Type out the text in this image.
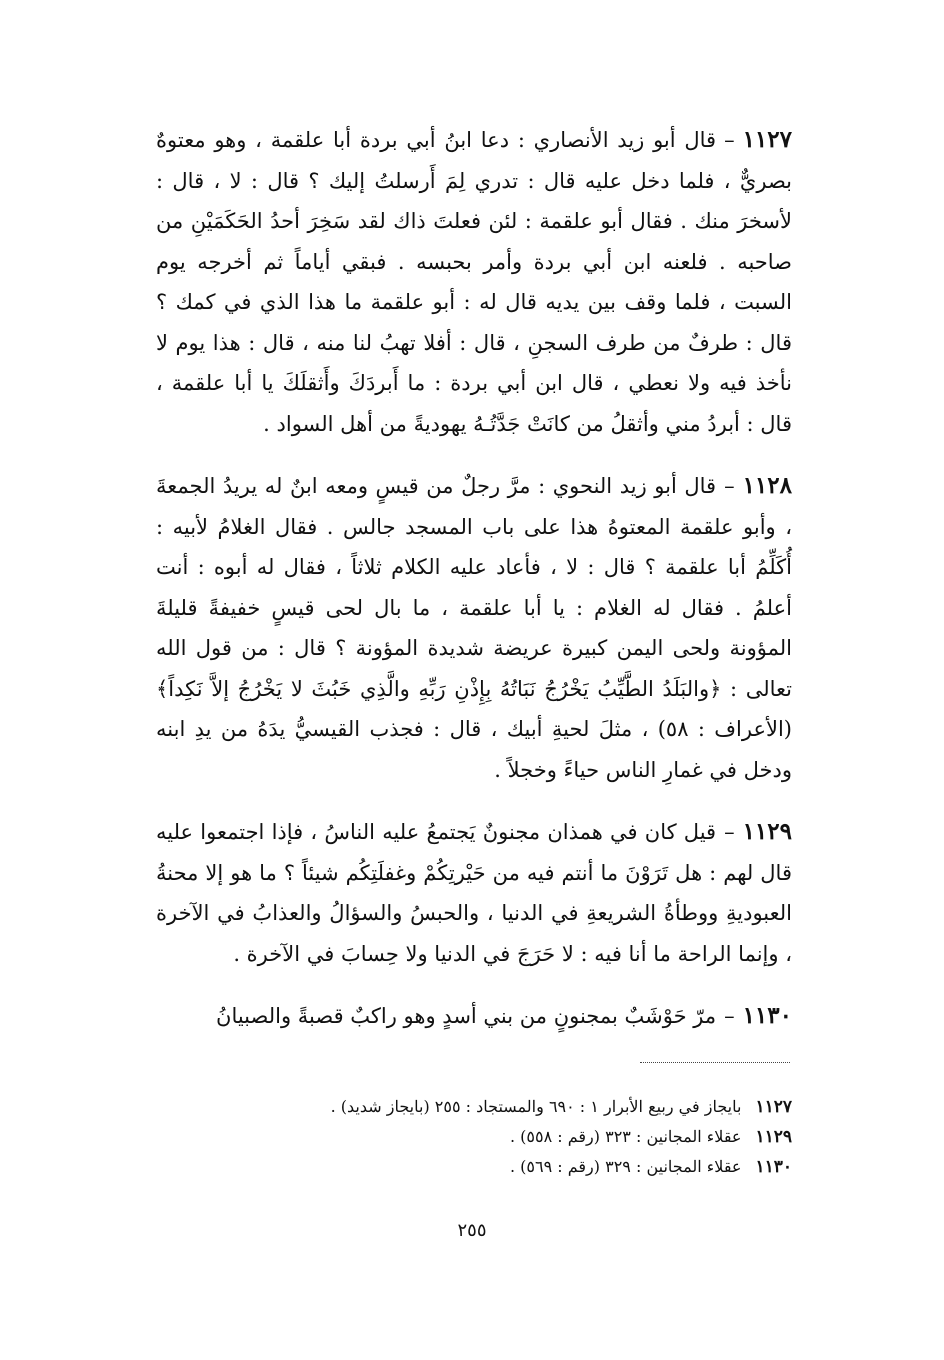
١١٢٧–قال أبو زيد الأنصاري : دعا ابنُ أبي بردة أبا علقمة ، وهو معتوهٌ بصريٌّ ، فلما دخل عليه قال : تدري لِمَ أَرسلتُ إليك ؟ قال : لا ، قال : لأسخرَ منك . فقال أبو علقمة : لئن فعلتَ ذاك لقد سَخِرَ أحدُ الحَكَمَيْنِ من صاحبه . فلعنه ابن أبي بردة وأمر بحبسه . فبقي أياماً ثم أخرجه يوم السبت ، فلما وقف بين يديه قال له : أبو علقمة ما هذا الذي في كمك ؟ قال : طرفٌ من طرف السجنِ ، قال : أفلا تهبُ لنا منه ، قال : هذا يوم لا نأخذ فيه ولا نعطي ، قال ابن أبي بردة : ما أَبردَكَ وأَثقلَكَ يا أبا علقمة ، قال : أبردُ مني وأثقلُ من كانَتْ جَدَّتُـهُ يهوديةً من أهل السواد .

١١٢٨–قال أبو زيد النحوي : مرَّ رجلٌ من قيسٍ ومعه ابنٌ له يريدُ الجمعةَ ، وأبو علقمة المعتوهُ هذا على باب المسجد جالس . فقال الغلامُ لأبيه : أُكَلِّمُ أبا علقمة ؟ قال : لا ، فأعاد عليه الكلام ثلاثاً ، فقال له أبوه : أنت أعلمُ . فقال له الغلام : يا أبا علقمة ، ما بال لحى قيسٍ خفيفةً قليلةَ المؤونة ولحى اليمن كبيرة عريضة شديدة المؤونة ؟ قال : من قول الله تعالى : ﴿والبَلَدُ الطَّيِّبُ يَخْرُجُ نَبَاتُهُ بِإِذْنِ رَبِّهِ والَّذِي خَبُثَ لا يَخْرُجُ إلاَّ نَكِداً﴾ (الأعراف : ٥٨) ، مثلَ لحيةِ أبيك ، قال : فجذب القيسيُّ يدَهُ من يدِ ابنه ودخل في غمارِ الناس حياءً وخجلاً .

١١٢٩–قيل كان في همذان مجنونٌ يَجتمعُ عليه الناسُ ، فإذا اجتمعوا عليه قال لهم : هل تَرَوْنَ ما أنتم فيه من حَيْرتِكُمْ وغفلَتِكُم شيئاً ؟ ما هو إلا محنةُ العبوديةِ ووطأةُ الشريعةِ في الدنيا ، والحبسُ والسؤالُ والعذابُ في الآخرة ، وإنما الراحة ما أنا فيه : لا حَرَجَ في الدنيا ولا حِسابَ في الآخرة .

١١٣٠–مرّ حَوْشَبٌ بمجنونٍ من بني أسدٍ وهو راكبٌ قصبةً والصبيانُ

١١٢٧بايجاز في ربيع الأبرار ١ : ٦٩٠ والمستجاد : ٢٥٥ (بايجاز شديد) .
١١٢٩عقلاء المجانين : ٣٢٣ (رقم : ٥٥٨) .
١١٣٠عقلاء المجانين : ٣٢٩ (رقم : ٥٦٩) .
٢٥٥
